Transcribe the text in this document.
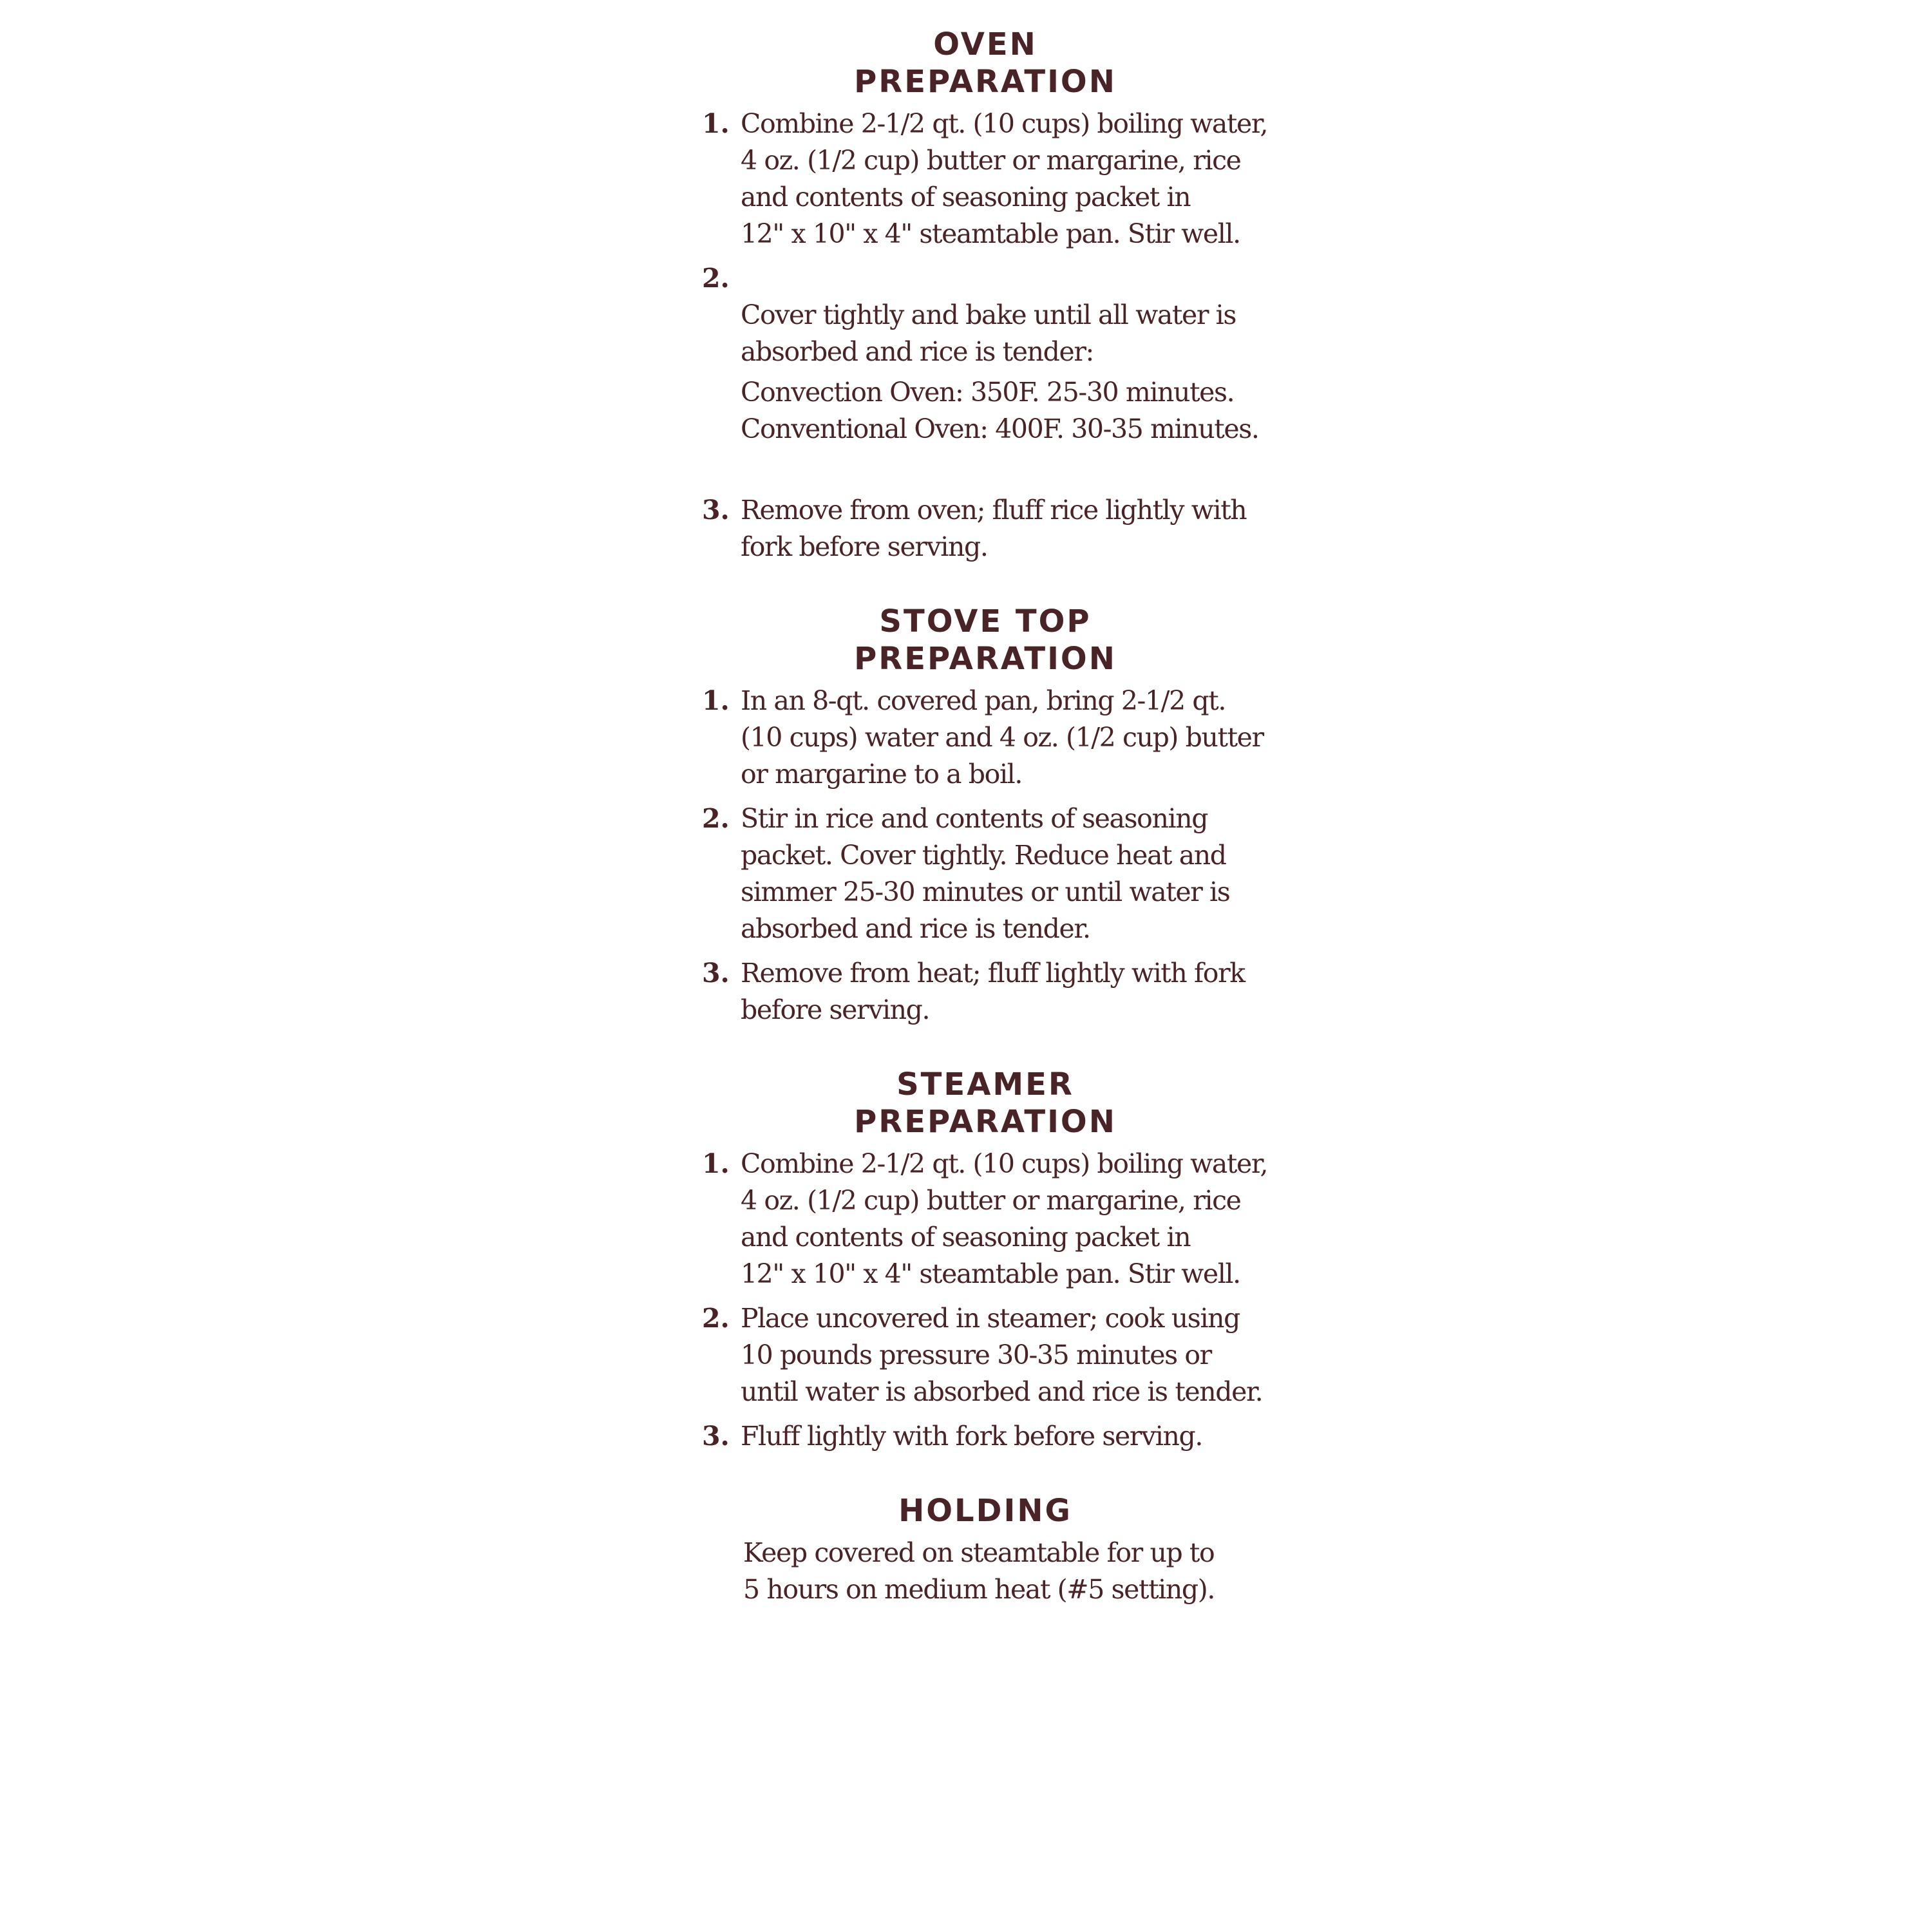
OVEN
PREPARATION
1. Combine 2-1/2 qt. (10 cups) boiling water,
4 oz. (1/2 cup) butter or margarine, rice
and contents of seasoning packet in
12" x 10" x 4" steamtable pan. Stir well.
2.

Cover tightly and bake until all water is
absorbed and rice is tender:

Convection Oven: 350F. 25-30 minutes.
Conventional Oven: 400F. 30-35 minutes.

3. Remove from oven; fluff rice lightly with
fork before serving.
STOVE TOP
PREPARATION
1. In an 8-qt. covered pan, bring 2-1/2 qt.
(10 cups) water and 4 oz. (1/2 cup) butter
or margarine to a boil.
2. Stir in rice and contents of seasoning
packet. Cover tightly. Reduce heat and
simmer 25-30 minutes or until water is
absorbed and rice is tender.
3. Remove from heat; fluff lightly with fork
before serving.
STEAMER
PREPARATION
1. Combine 2-1/2 qt. (10 cups) boiling water,
4 oz. (1/2 cup) butter or margarine, rice
and contents of seasoning packet in
12" x 10" x 4" steamtable pan. Stir well.
2. Place uncovered in steamer; cook using
10 pounds pressure 30-35 minutes or
until water is absorbed and rice is tender.
3. Fluff lightly with fork before serving.
HOLDING
Keep covered on steamtable for up to
5 hours on medium heat (#5 setting).
